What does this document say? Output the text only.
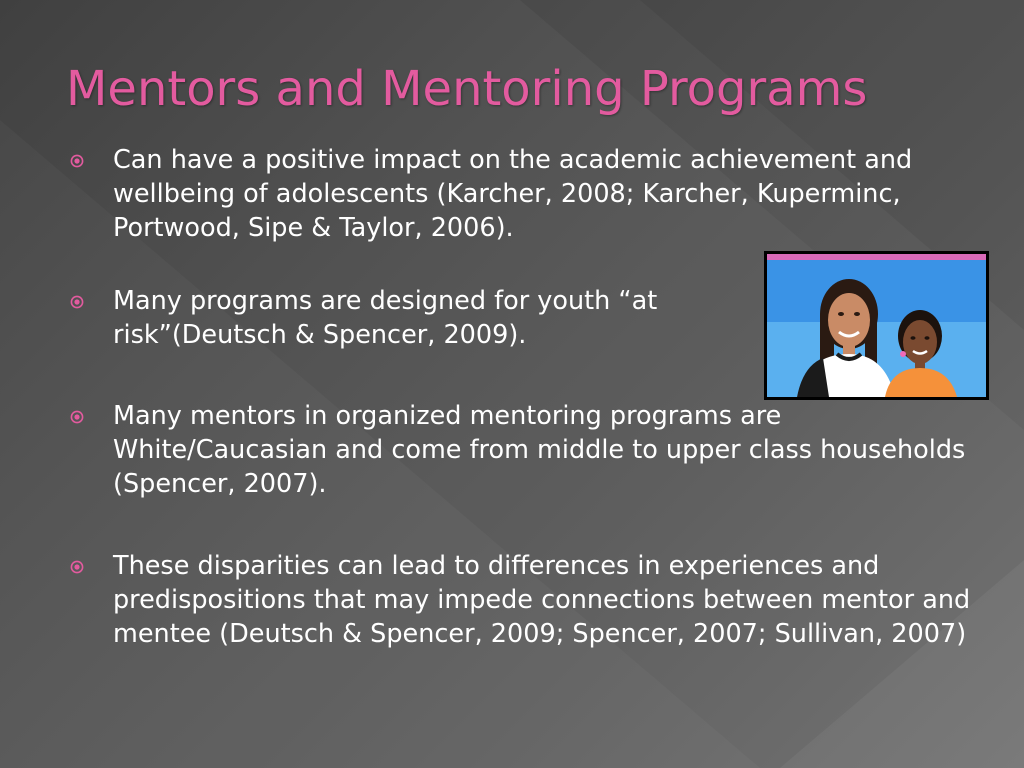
Mentors and Mentoring Programs
Can have a positive impact on the academic achievement and wellbeing of adolescents (Karcher, 2008; Karcher, Kuperminc, Portwood, Sipe & Taylor, 2006).
Many programs are designed for youth “at risk”(Deutsch & Spencer, 2009).
Many mentors in organized mentoring programs are White/Caucasian and come from middle to upper class households (Spencer, 2007).
These disparities can lead to differences in experiences and predispositions that may impede connections between mentor and mentee (Deutsch & Spencer, 2009; Spencer, 2007; Sullivan, 2007)
